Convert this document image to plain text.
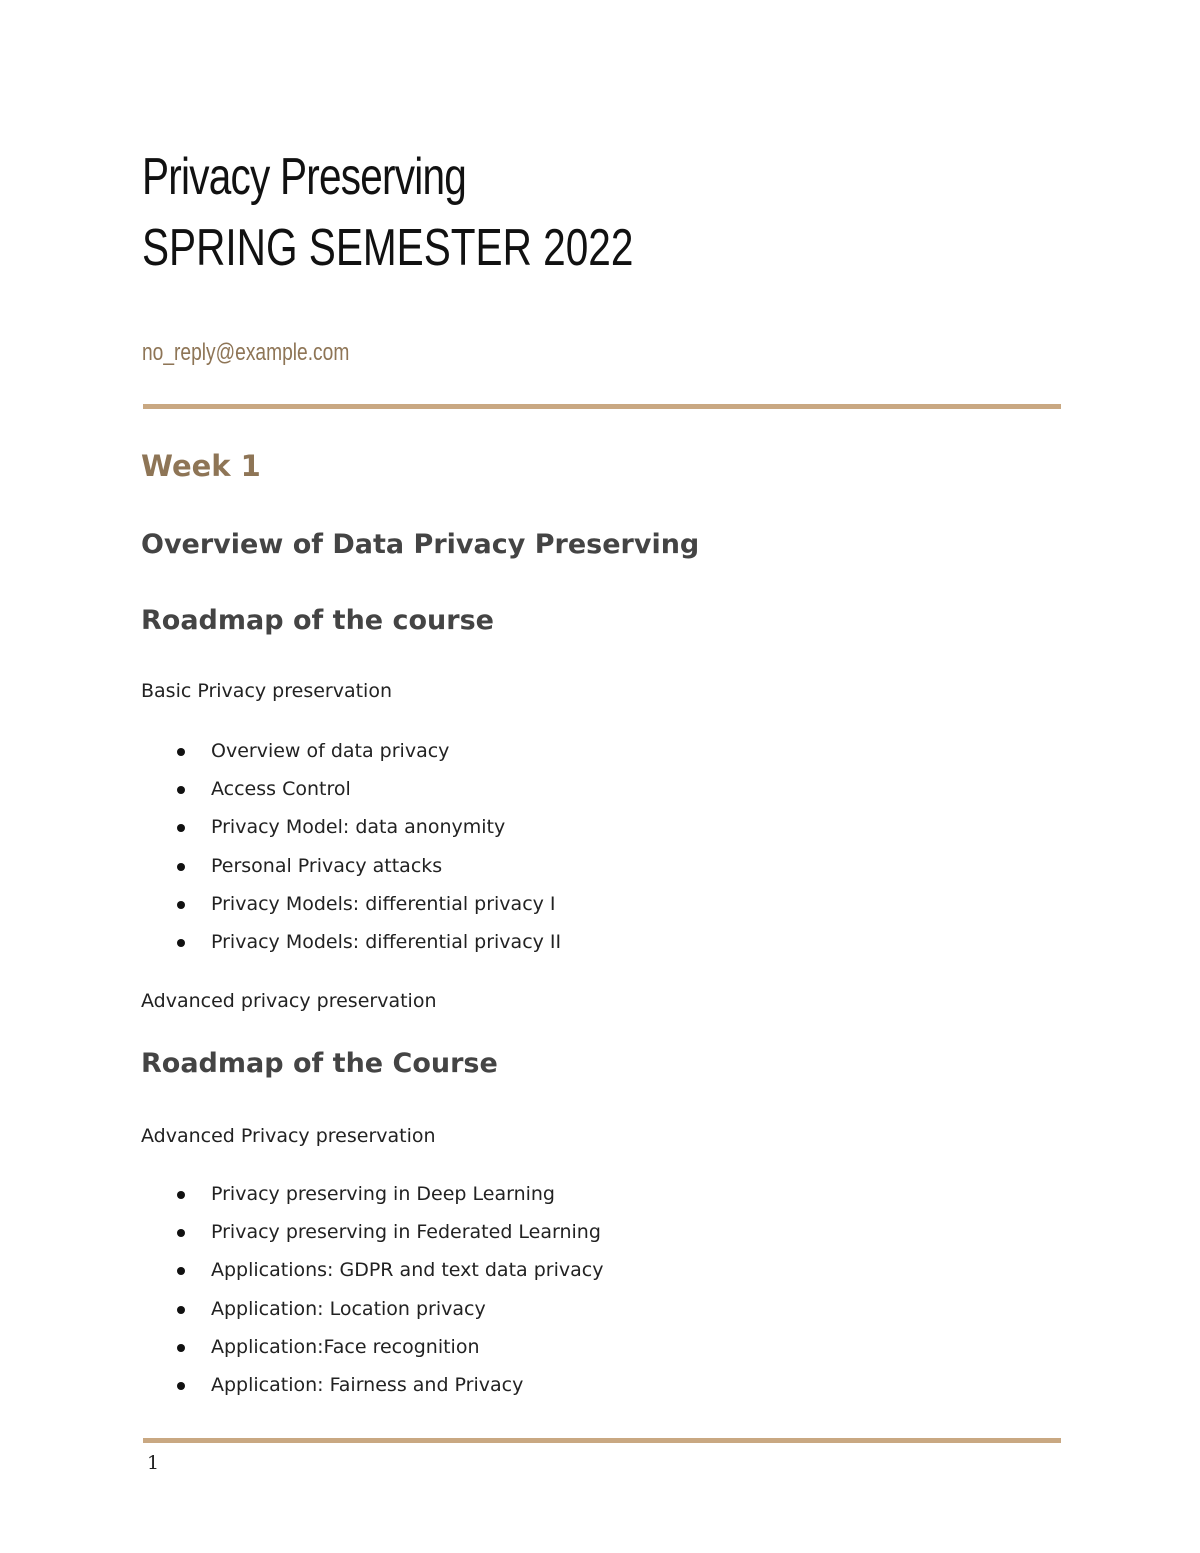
Privacy Preserving
SPRING SEMESTER 2022
no_reply@example.com
Week 1
Overview of Data Privacy Preserving
Roadmap of the course

Basic Privacy preservation

Overview of data privacy
Access Control
Privacy Model: data anonymity
Personal Privacy attacks
Privacy Models: differential privacy I
Privacy Models: differential privacy II

Advanced privacy preservation

Roadmap of the Course

Advanced Privacy preservation

Privacy preserving in Deep Learning
Privacy preserving in Federated Learning
Applications: GDPR and text data privacy
Application: Location privacy
Application:Face recognition
Application: Fairness and Privacy
1
